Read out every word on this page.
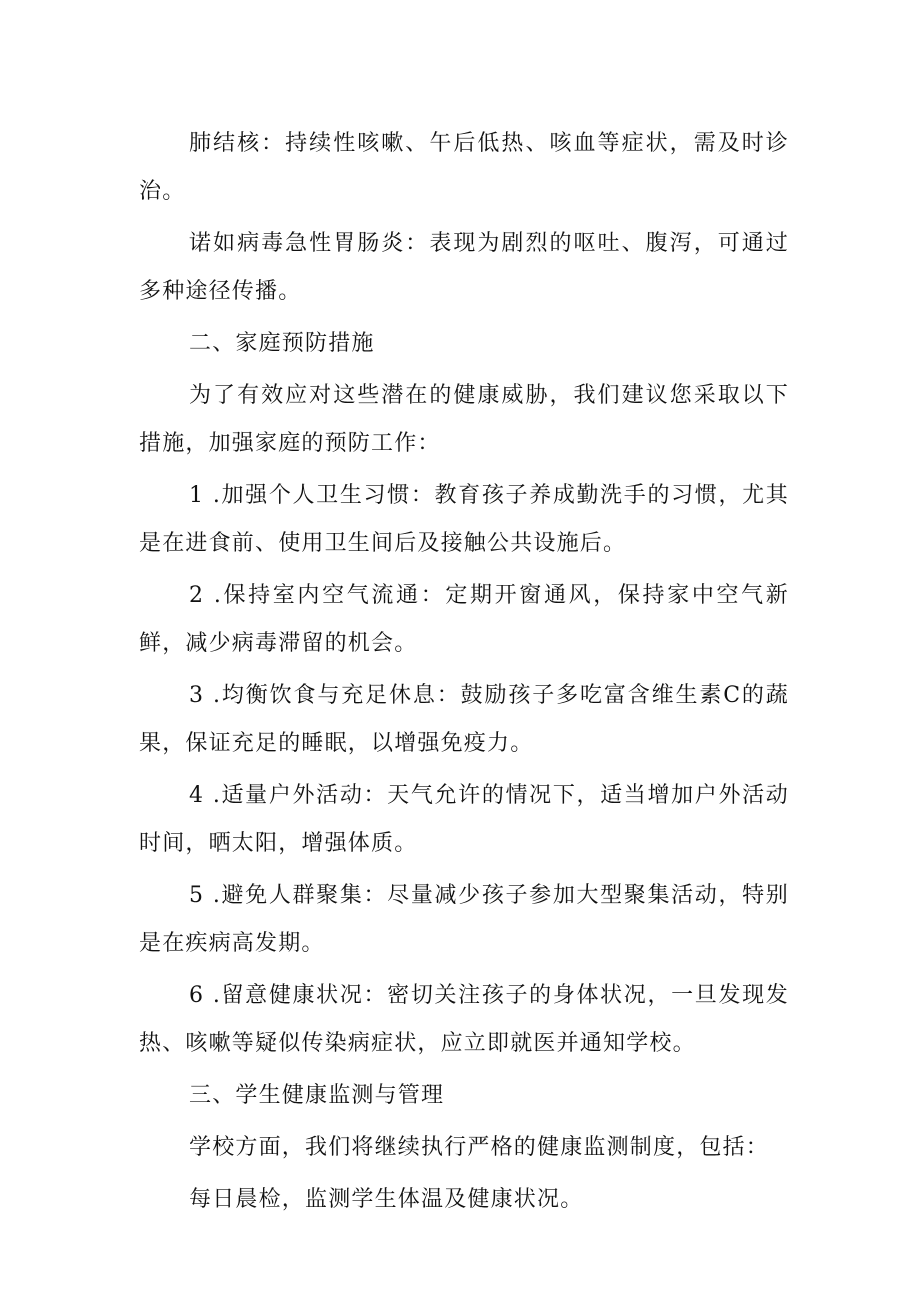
肺结核：持续性咳嗽、午后低热、咳血等症状，需及时诊治。

诺如病毒急性胃肠炎：表现为剧烈的呕吐、腹泻，可通过多种途径传播。

二、家庭预防措施

为了有效应对这些潜在的健康威胁，我们建议您采取以下措施，加强家庭的预防工作：

1 .加强个人卫生习惯：教育孩子养成勤洗手的习惯，尤其是在进食前、使用卫生间后及接触公共设施后。

2 .保持室内空气流通：定期开窗通风，保持家中空气新鲜，减少病毒滞留的机会。

3 .均衡饮食与充足休息：鼓励孩子多吃富含维生素C的蔬果，保证充足的睡眠，以增强免疫力。

4 .适量户外活动：天气允许的情况下，适当增加户外活动时间，晒太阳，增强体质。

5 .避免人群聚集：尽量减少孩子参加大型聚集活动，特别是在疾病高发期。

6 .留意健康状况：密切关注孩子的身体状况，一旦发现发热、咳嗽等疑似传染病症状，应立即就医并通知学校。

三、学生健康监测与管理

学校方面，我们将继续执行严格的健康监测制度，包括：

每日晨检，监测学生体温及健康状况。
